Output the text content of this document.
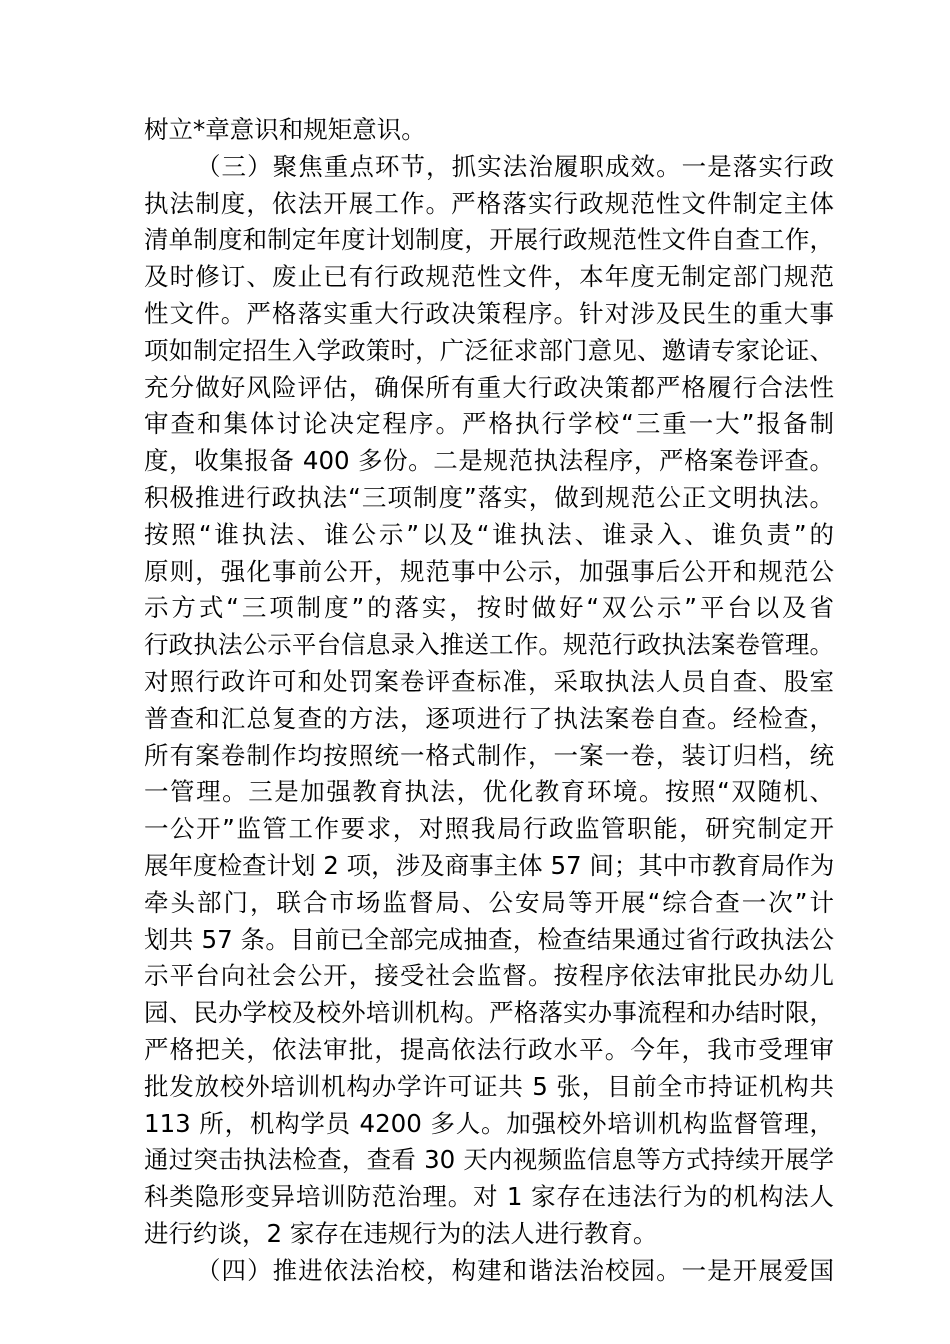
树立*章意识和规矩意识。
（三）聚焦重点环节，抓实法治履职成效。一是落实行政
执法制度，依法开展工作。严格落实行政规范性文件制定主体
清单制度和制定年度计划制度，开展行政规范性文件自查工作，
及时修订、废止已有行政规范性文件，本年度无制定部门规范
性文件。严格落实重大行政决策程序。针对涉及民生的重大事
项如制定招生入学政策时，广泛征求部门意见、邀请专家论证、
充分做好风险评估，确保所有重大行政决策都严格履行合法性
审查和集体讨论决定程序。严格执行学校“三重一大”报备制
度，收集报备 400 多份。二是规范执法程序，严格案卷评查。
积极推进行政执法“三项制度”落实，做到规范公正文明执法。
按照“谁执法、谁公示”以及“谁执法、谁录入、谁负责”的
原则，强化事前公开，规范事中公示，加强事后公开和规范公
示方式“三项制度”的落实，按时做好“双公示”平台以及省
行政执法公示平台信息录入推送工作。规范行政执法案卷管理。
对照行政许可和处罚案卷评查标准，采取执法人员自查、股室
普查和汇总复查的方法，逐项进行了执法案卷自查。经检查，
所有案卷制作均按照统一格式制作，一案一卷，装订归档，统
一管理。三是加强教育执法，优化教育环境。按照“双随机、
一公开”监管工作要求，对照我局行政监管职能，研究制定开
展年度检查计划 2 项，涉及商事主体 57 间；其中市教育局作为
牵头部门，联合市场监督局、公安局等开展“综合查一次”计
划共 57 条。目前已全部完成抽查，检查结果通过省行政执法公
示平台向社会公开，接受社会监督。按程序依法审批民办幼儿
园、民办学校及校外培训机构。严格落实办事流程和办结时限，
严格把关，依法审批，提高依法行政水平。今年，我市受理审
批发放校外培训机构办学许可证共 5 张，目前全市持证机构共
113 所，机构学员 4200 多人。加强校外培训机构监督管理，
通过突击执法检查，查看 30 天内视频监信息等方式持续开展学
科类隐形变异培训防范治理。对 1 家存在违法行为的机构法人
进行约谈，2 家存在违规行为的法人进行教育。
（四）推进依法治校，构建和谐法治校园。一是开展爱国
